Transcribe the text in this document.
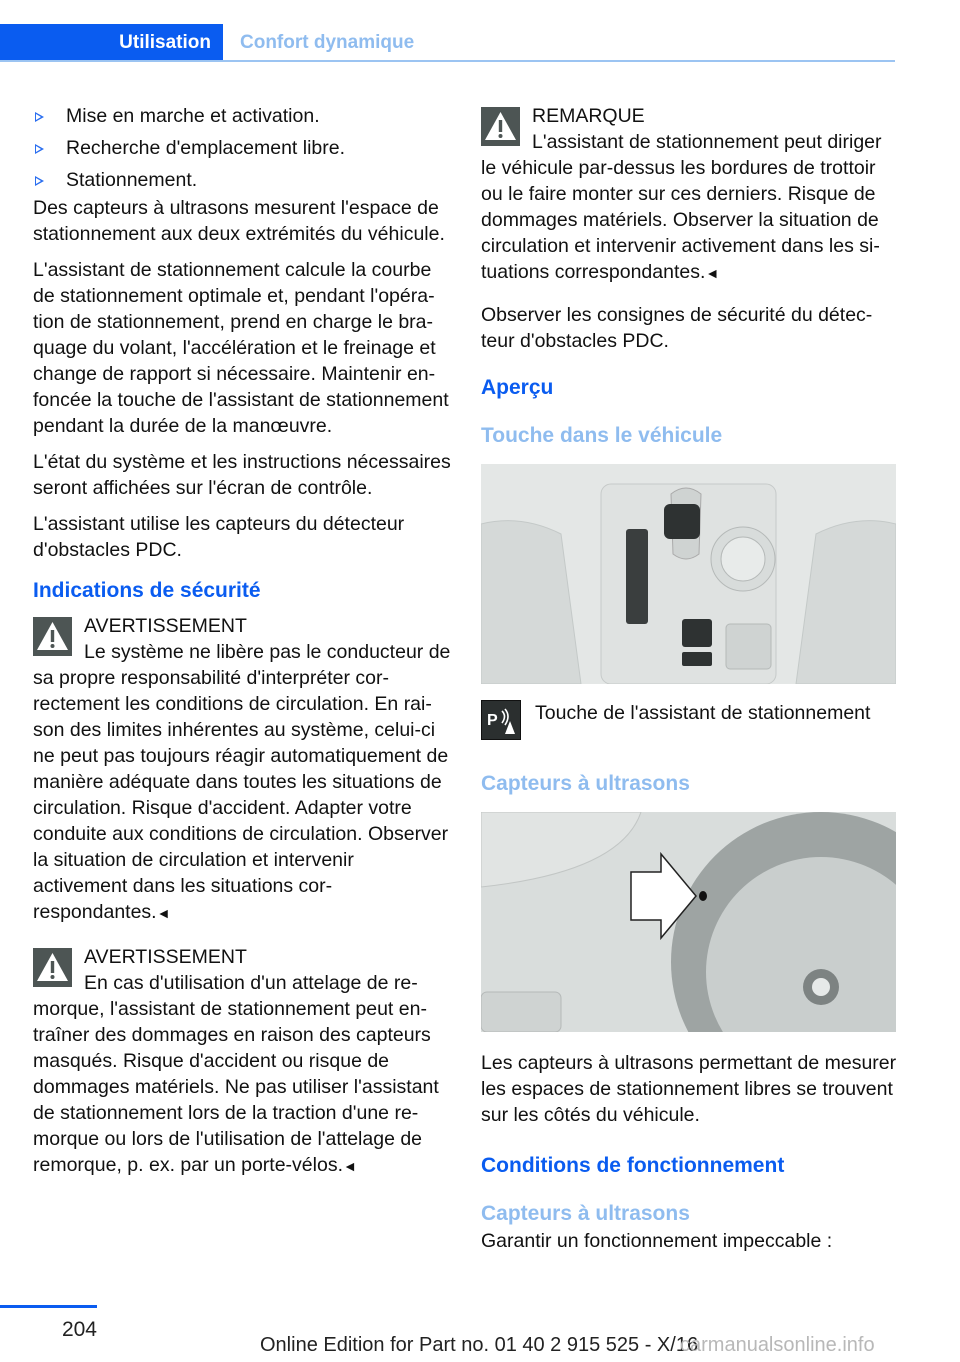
Utilisation	Confort dynamique
Mise en marche et activation.
Recherche d'emplacement libre.
Stationnement.

Des capteurs à ultrasons mesurent l'espace de stationnement aux deux extrémités du véhicule.

L'assistant de stationnement calcule la courbe de stationnement optimale et, pendant l'opération de stationnement, prend en charge le braquage du volant, l'accélération et le freinage et change de rapport si nécessaire. Maintenir enfoncée la touche de l'assistant de stationnement pendant la durée de la manœuvre.

L'état du système et les instructions nécessaires seront affichées sur l'écran de contrôle.

L'assistant utilise les capteurs du détecteur d'obstacles PDC.

Indications de sécurité
AVERTISSEMENT
Le système ne libère pas le conducteur de sa propre responsabilité d'interpréter correctement les conditions de circulation. En raison des limites inhérentes au système, celui-ci ne peut pas toujours réagir automatiquement de manière adéquate dans toutes les situations de circulation. Risque d'accident. Adapter votre conduite aux conditions de circulation. Observer la situation de circulation et intervenir activement dans les situations correspondantes.◄
AVERTISSEMENT
En cas d'utilisation d'un attelage de remorque, l'assistant de stationnement peut entraîner des dommages en raison des capteurs masqués. Risque d'accident ou risque de dommages matériels. Ne pas utiliser l'assistant de stationnement lors de la traction d'une remorque ou lors de l'utilisation de l'attelage de remorque, p. ex. par un porte-vélos.◄
REMARQUE
L'assistant de stationnement peut diriger le véhicule par-dessus les bordures de trottoir ou le faire monter sur ces derniers. Risque de dommages matériels. Observer la situation de circulation et intervenir activement dans les situations correspondantes.◄

Observer les consignes de sécurité du détecteur d'obstacles PDC.

Aperçu
Touche dans le véhicule
P Touche de l'assistant de stationnement
Capteurs à ultrasons

Les capteurs à ultrasons permettant de mesurer les espaces de stationnement libres se trouvent sur les côtés du véhicule.

Conditions de fonctionnement
Capteurs à ultrasons

Garantir un fonctionnement impeccable :

204
Online Edition for Part no. 01 40 2 915 525 - X/16
carmanualsonline.info
